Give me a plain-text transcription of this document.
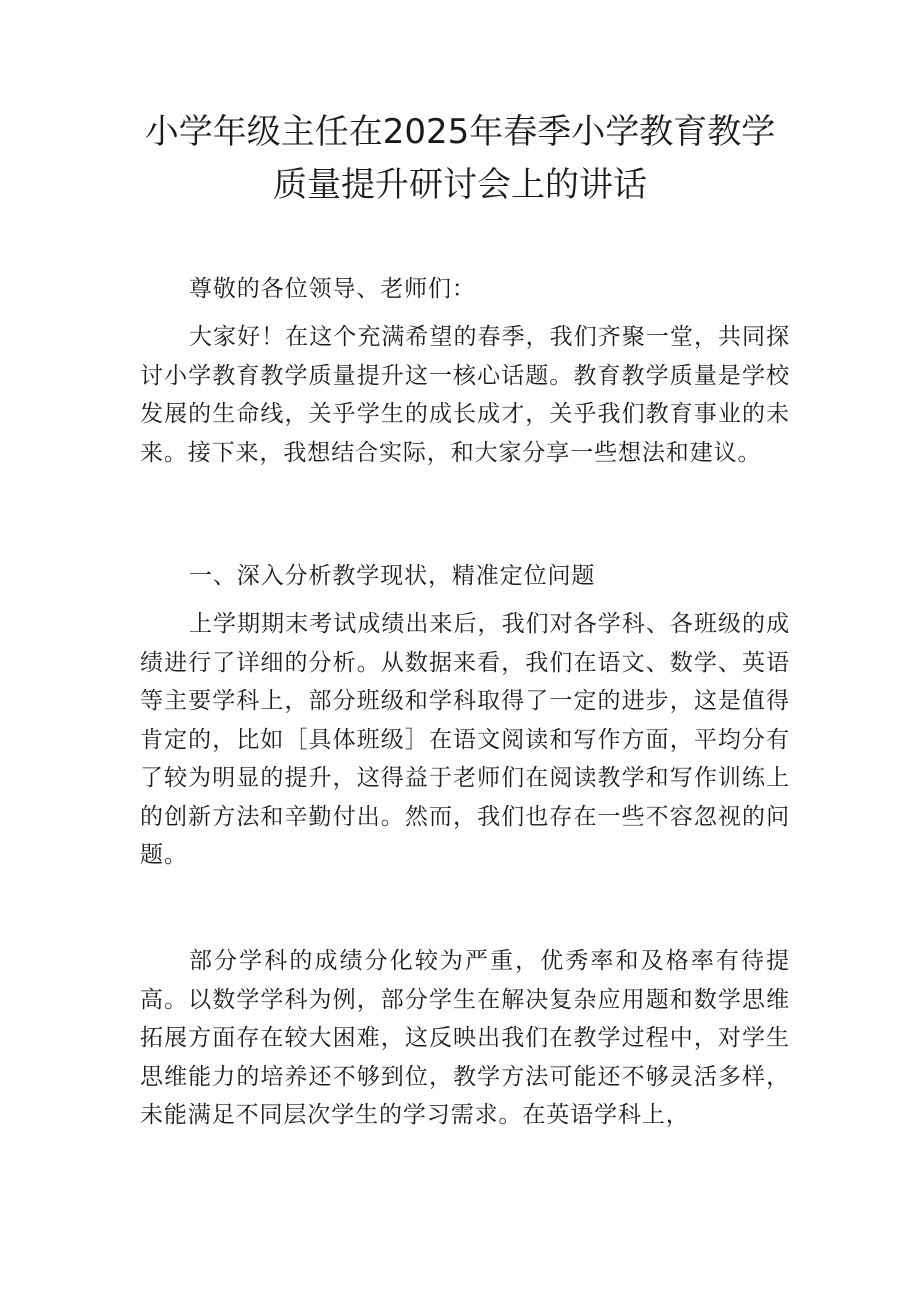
小学年级主任在2025年春季小学教育教学
质量提升研讨会上的讲话

尊敬的各位领导、老师们：

大家好！在这个充满希望的春季，我们齐聚一堂，共同探讨小学教育教学质量提升这一核心话题。教育教学质量是学校发展的生命线，关乎学生的成长成才，关乎我们教育事业的未来。接下来，我想结合实际，和大家分享一些想法和建议。

一、深入分析教学现状，精准定位问题

上学期期末考试成绩出来后，我们对各学科、各班级的成绩进行了详细的分析。从数据来看，我们在语文、数学、英语等主要学科上，部分班级和学科取得了一定的进步，这是值得肯定的，比如［具体班级］在语文阅读和写作方面，平均分有了较为明显的提升，这得益于老师们在阅读教学和写作训练上的创新方法和辛勤付出。然而，我们也存在一些不容忽视的问题。

部分学科的成绩分化较为严重，优秀率和及格率有待提高。以数学学科为例，部分学生在解决复杂应用题和数学思维拓展方面存在较大困难，这反映出我们在教学过程中，对学生思维能力的培养还不够到位，教学方法可能还不够灵活多样，未能满足不同层次学生的学习需求。在英语学科上，
